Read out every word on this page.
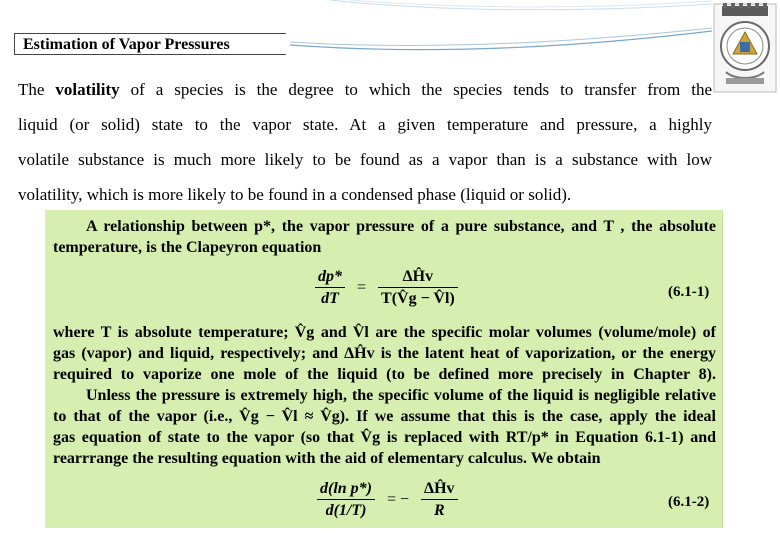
Estimation of Vapor Pressures
The volatility of a species is the degree to which the species tends to transfer from the
liquid (or solid) state to the vapor state. At a given temperature and pressure, a highly
volatile substance is much more likely to be found as a vapor than is a substance with low
volatility, which is more likely to be found in a condensed phase (liquid or solid).
A relationship between p*, the vapor pressure of a pure substance, and T , the absolute
temperature, is the Clapeyron equation
$\frac{dp*}{dT} = \frac{\text{ΔĤv}}{T(V̂g - V̂l)}$	(6.1-1)
where T is absolute temperature; V̂g and V̂l are the specific molar volumes (volume/mole) of
gas (vapor) and liquid, respectively; and ΔĤv is the latent heat of vaporization, or the energy
required to vaporize one mole of the liquid (to be defined more precisely in Chapter 8).
Unless the pressure is extremely high, the specific volume of the liquid is negligible relative
to that of the vapor (i.e., V̂g − V̂l ≈ V̂g). If we assume that this is the case, apply the ideal
gas equation of state to the vapor (so that V̂g is replaced with RT/p* in Equation 6.1-1) and
rearrrange the resulting equation with the aid of elementary calculus. We obtain
$\frac{\text{d(ln p*)}}{d(1/T)}$ = − $\frac{\text{ΔĤv}}{R}$	(6.1-2)
